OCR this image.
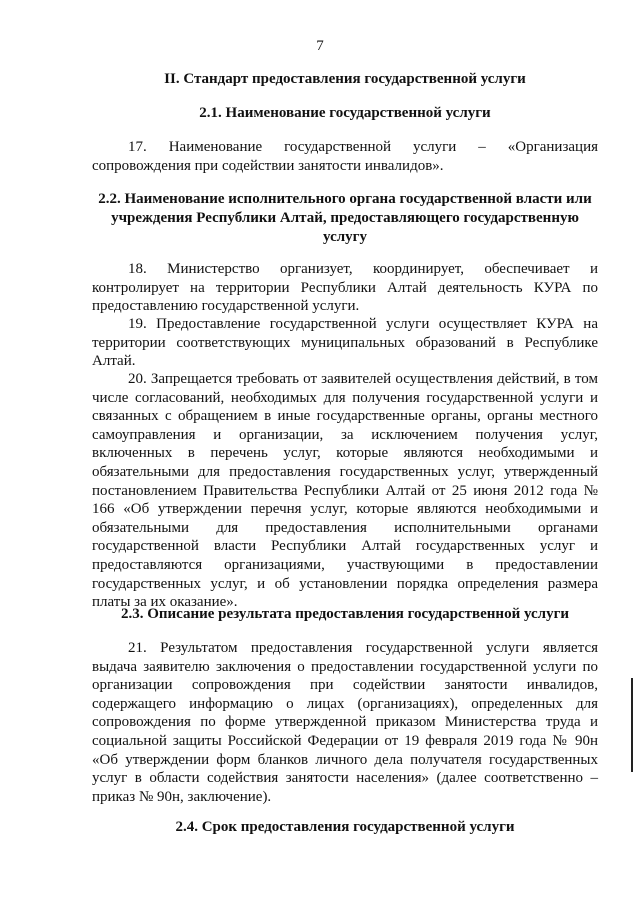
7
II. Стандарт предоставления государственной услуги
2.1. Наименование государственной услуги
17. Наименование государственной услуги – «Организация сопровождения при содействии занятости инвалидов».
2.2. Наименование исполнительного органа государственной власти или учреждения Республики Алтай, предоставляющего государственную услугу
18. Министерство организует, координирует, обеспечивает и контролирует на территории Республики Алтай деятельность КУРА по предоставлению государственной услуги.
19. Предоставление государственной услуги осуществляет КУРА на территории соответствующих муниципальных образований в Республике Алтай.
20. Запрещается требовать от заявителей осуществления действий, в том числе согласований, необходимых для получения государственной услуги и связанных с обращением в иные государственные органы, органы местного самоуправления и организации, за исключением получения услуг, включенных в перечень услуг, которые являются необходимыми и обязательными для предоставления государственных услуг, утвержденный постановлением Правительства Республики Алтай от 25 июня 2012 года № 166 «Об утверждении перечня услуг, которые являются необходимыми и обязательными для предоставления исполнительными органами государственной власти Республики Алтай государственных услуг и предоставляются организациями, участвующими в предоставлении государственных услуг, и об установлении порядка определения размера платы за их оказание».
2.3. Описание результата предоставления государственной услуги
21. Результатом предоставления государственной услуги является выдача заявителю заключения о предоставлении государственной услуги по организации сопровождения при содействии занятости инвалидов, содержащего информацию о лицах (организациях), определенных для сопровождения по форме утвержденной приказом Министерства труда и социальной защиты Российской Федерации от 19 февраля 2019 года № 90н «Об утверждении форм бланков личного дела получателя государственных услуг в области содействия занятости населения» (далее соответственно – приказ № 90н, заключение).
2.4. Срок предоставления государственной услуги
